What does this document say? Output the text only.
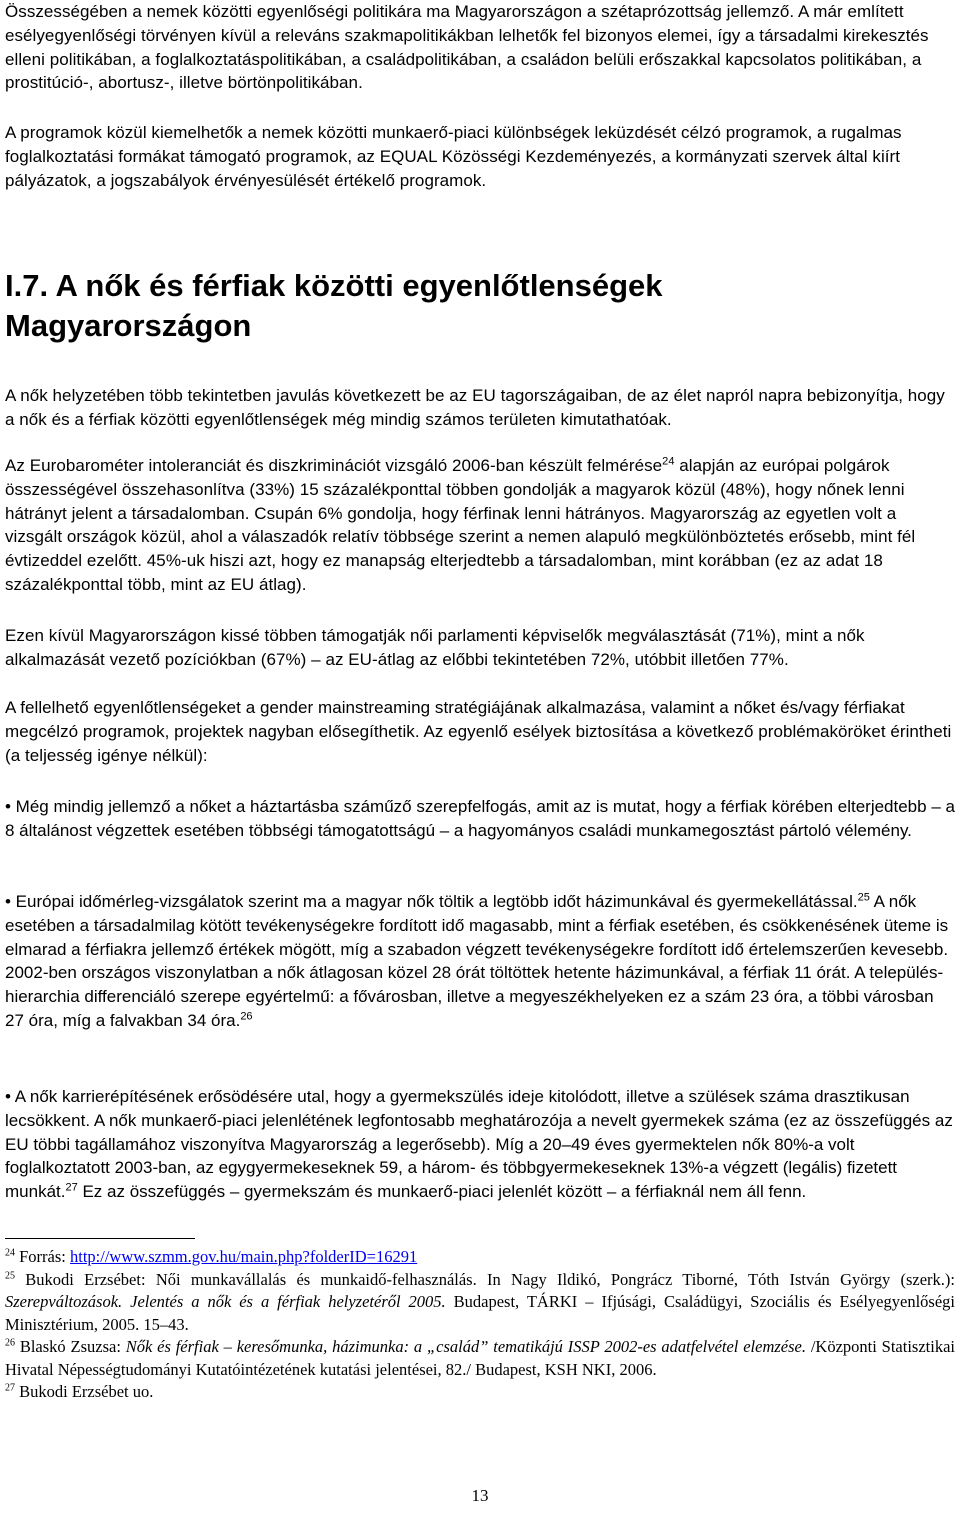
Összességében a nemek közötti egyenlőségi politikára ma Magyarországon a szétaprózottság jellemző. A már említett esélyegyenlőségi törvényen kívül a releváns szakmapolitikákban lelhetők fel bizonyos elemei, így a társadalmi kirekesztés elleni politikában, a foglalkoztatáspolitikában, a családpolitikában, a családon belüli erőszakkal kapcsolatos politikában, a prostitúció-, abortusz-, illetve börtönpolitikában.

A programok közül kiemelhetők a nemek közötti munkaerő-piaci különbségek leküzdését célzó programok, a rugalmas foglalkoztatási formákat támogató programok, az EQUAL Közösségi Kezdeményezés, a kormányzati szervek által kiírt pályázatok, a jogszabályok érvényesülését értékelő programok.

I.7. A nők és férfiak közötti egyenlőtlenségek Magyarországon

A nők helyzetében több tekintetben javulás következett be az EU tagországaiban, de az élet napról napra bebizonyítja, hogy a nők és a férfiak közötti egyenlőtlenségek még mindig számos területen kimutathatóak.

Az Eurobarométer intoleranciát és diszkriminációt vizsgáló 2006-ban készült felmérése$^{24}$ alapján az európai polgárok összességével összehasonlítva (33%) 15 százalékponttal többen gondolják a magyarok közül (48%), hogy nőnek lenni hátrányt jelent a társadalomban. Csupán 6% gondolja, hogy férfinak lenni hátrányos. Magyarország az egyetlen volt a vizsgált országok közül, ahol a válaszadók relatív többsége szerint a nemen alapuló megkülönböztetés erősebb, mint fél évtizeddel ezelőtt. 45%-uk hiszi azt, hogy ez manapság elterjedtebb a társadalomban, mint korábban (ez az adat 18 százalékponttal több, mint az EU átlag).

Ezen kívül Magyarországon kissé többen támogatják női parlamenti képviselők megválasztását (71%), mint a nők alkalmazását vezető pozíciókban (67%) – az EU-átlag az előbbi tekintetében 72%, utóbbit illetően 77%.

A fellelhető egyenlőtlenségeket a gender mainstreaming stratégiájának alkalmazása, valamint a nőket és/vagy férfiakat megcélzó programok, projektek nagyban elősegíthetik. Az egyenlő esélyek biztosítása a következő problémaköröket érintheti (a teljesség igénye nélkül):

• Még mindig jellemző a nőket a háztartásba száműző szerepfelfogás, amit az is mutat, hogy a férfiak körében elterjedtebb – a 8 általánost végzettek esetében többségi támogatottságú – a hagyományos családi munkamegosztást pártoló vélemény.

• Európai időmérleg-vizsgálatok szerint ma a magyar nők töltik a legtöbb időt házimunkával és gyermekellátással.$^{25}$ A nők esetében a társadalmilag kötött tevékenységekre fordított idő magasabb, mint a férfiak esetében, és csökkenésének üteme is elmarad a férfiakra jellemző értékek mögött, míg a szabadon végzett tevékenységekre fordított idő értelemszerűen kevesebb. 2002-ben országos viszonylatban a nők átlagosan közel 28 órát töltöttek hetente házimunkával, a férfiak 11 órát. A település-hierarchia differenciáló szerepe egyértelmű: a fővárosban, illetve a megyeszékhelyeken ez a szám 23 óra, a többi városban 27 óra, míg a falvakban 34 óra.$^{26}$

• A nők karrierépítésének erősödésére utal, hogy a gyermekszülés ideje kitolódott, illetve a szülések száma drasztikusan lecsökkent. A nők munkaerő-piaci jelenlétének legfontosabb meghatározója a nevelt gyermekek száma (ez az összefüggés az EU többi tagállamához viszonyítva Magyarország a legerősebb). Míg a 20–49 éves gyermektelen nők 80%-a volt foglalkoztatott 2003-ban, az egygyermekeseknek 59, a három- és többgyermekeseknek 13%-a végzett (legális) fizetett munkát.$^{27}$ Ez az összefüggés – gyermekszám és munkaerő-piaci jelenlét között – a férfiaknál nem áll fenn.

$^{24}$ Forrás: http://www.szmm.gov.hu/main.php?folderID=16291

$^{25}$ Bukodi Erzsébet: Női munkavállalás és munkaidő-felhasználás. In Nagy Ildikó, Pongrácz Tiborné, Tóth István György (szerk.): Szerepváltozások. Jelentés a nők és a férfiak helyzetéről 2005. Budapest, TÁRKI – Ifjúsági, Családügyi, Szociális és Esélyegyenlőségi Minisztérium, 2005. 15–43.

$^{26}$ Blaskó Zsuzsa: Nők és férfiak – keresőmunka, házimunka: a „család” tematikájú ISSP 2002-es adatfelvétel elemzése. /Központi Statisztikai Hivatal Népességtudományi Kutatóintézetének kutatási jelentései, 82./ Budapest, KSH NKI, 2006.

$^{27}$ Bukodi Erzsébet uo.

13
